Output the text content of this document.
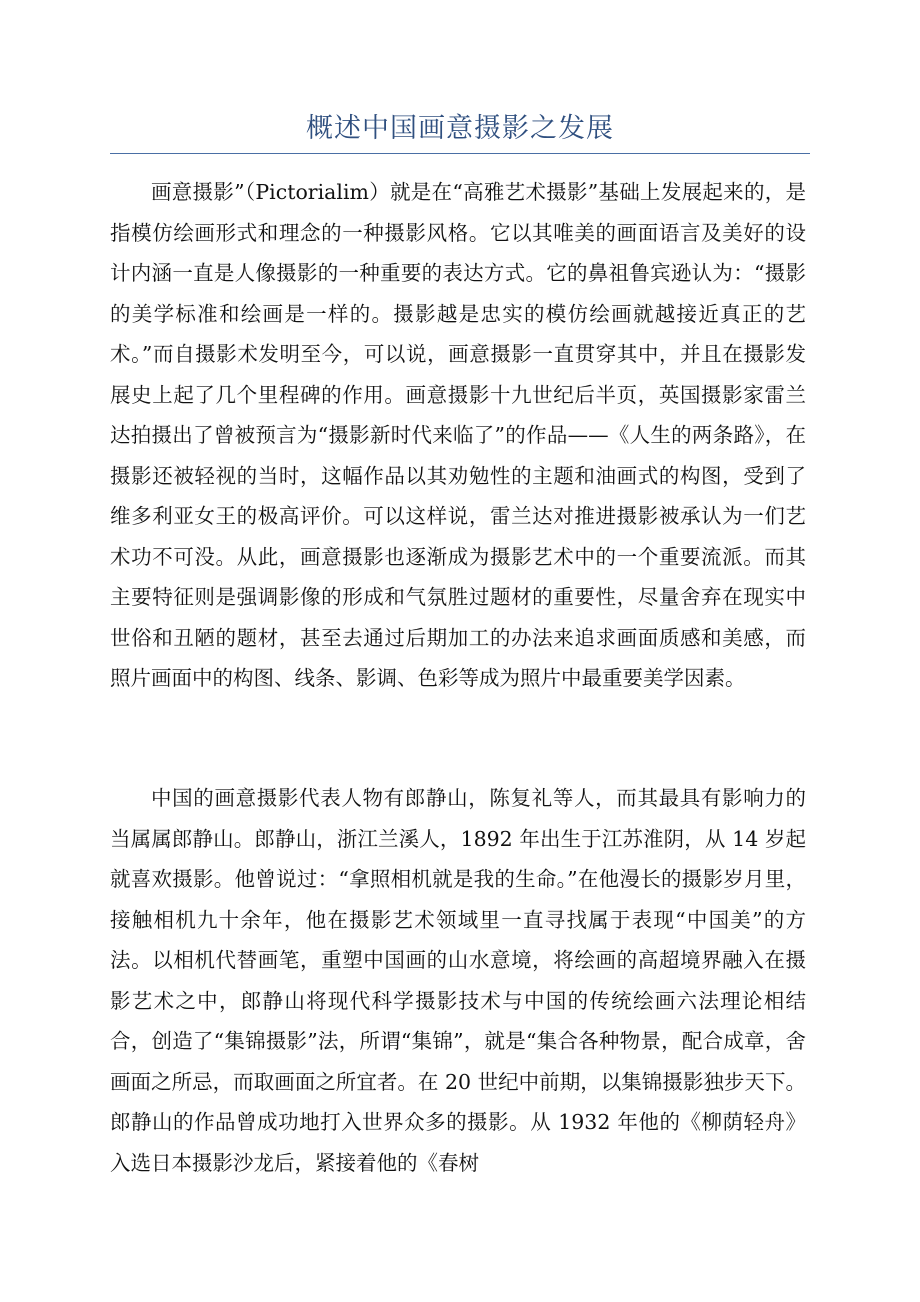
概述中国画意摄影之发展

画意摄影”（Pictorialim）就是在“高雅艺术摄影”基础上发展起来的，是指模仿绘画形式和理念的一种摄影风格。它以其唯美的画面语言及美好的设计内涵一直是人像摄影的一种重要的表达方式。它的鼻祖鲁宾逊认为：“摄影的美学标准和绘画是一样的。摄影越是忠实的模仿绘画就越接近真正的艺术。”而自摄影术发明至今，可以说，画意摄影一直贯穿其中，并且在摄影发展史上起了几个里程碑的作用。画意摄影十九世纪后半页，英国摄影家雷兰达拍摄出了曾被预言为“摄影新时代来临了”的作品——《人生的两条路》，在摄影还被轻视的当时，这幅作品以其劝勉性的主题和油画式的构图，受到了维多利亚女王的极高评价。可以这样说，雷兰达对推进摄影被承认为一们艺术功不可没。从此，画意摄影也逐渐成为摄影艺术中的一个重要流派。而其主要特征则是强调影像的形成和气氛胜过题材的重要性，尽量舍弃在现实中世俗和丑陋的题材，甚至去通过后期加工的办法来追求画面质感和美感，而照片画面中的构图、线条、影调、色彩等成为照片中最重要美学因素。

中国的画意摄影代表人物有郎静山，陈复礼等人，而其最具有影响力的当属属郎静山。郎静山，浙江兰溪人，1892 年出生于江苏淮阴，从 14 岁起就喜欢摄影。他曾说过：“拿照相机就是我的生命。”在他漫长的摄影岁月里，接触相机九十余年，他在摄影艺术领域里一直寻找属于表现“中国美”的方法。以相机代替画笔，重塑中国画的山水意境，将绘画的高超境界融入在摄影艺术之中，郎静山将现代科学摄影技术与中国的传统绘画六法理论相结合，创造了“集锦摄影”法，所谓“集锦”，就是“集合各种物景，配合成章，舍画面之所忌，而取画面之所宜者。在 20 世纪中前期，以集锦摄影独步天下。郎静山的作品曾成功地打入世界众多的摄影。从 1932 年他的《柳荫轻舟》入选日本摄影沙龙后，紧接着他的《春树
